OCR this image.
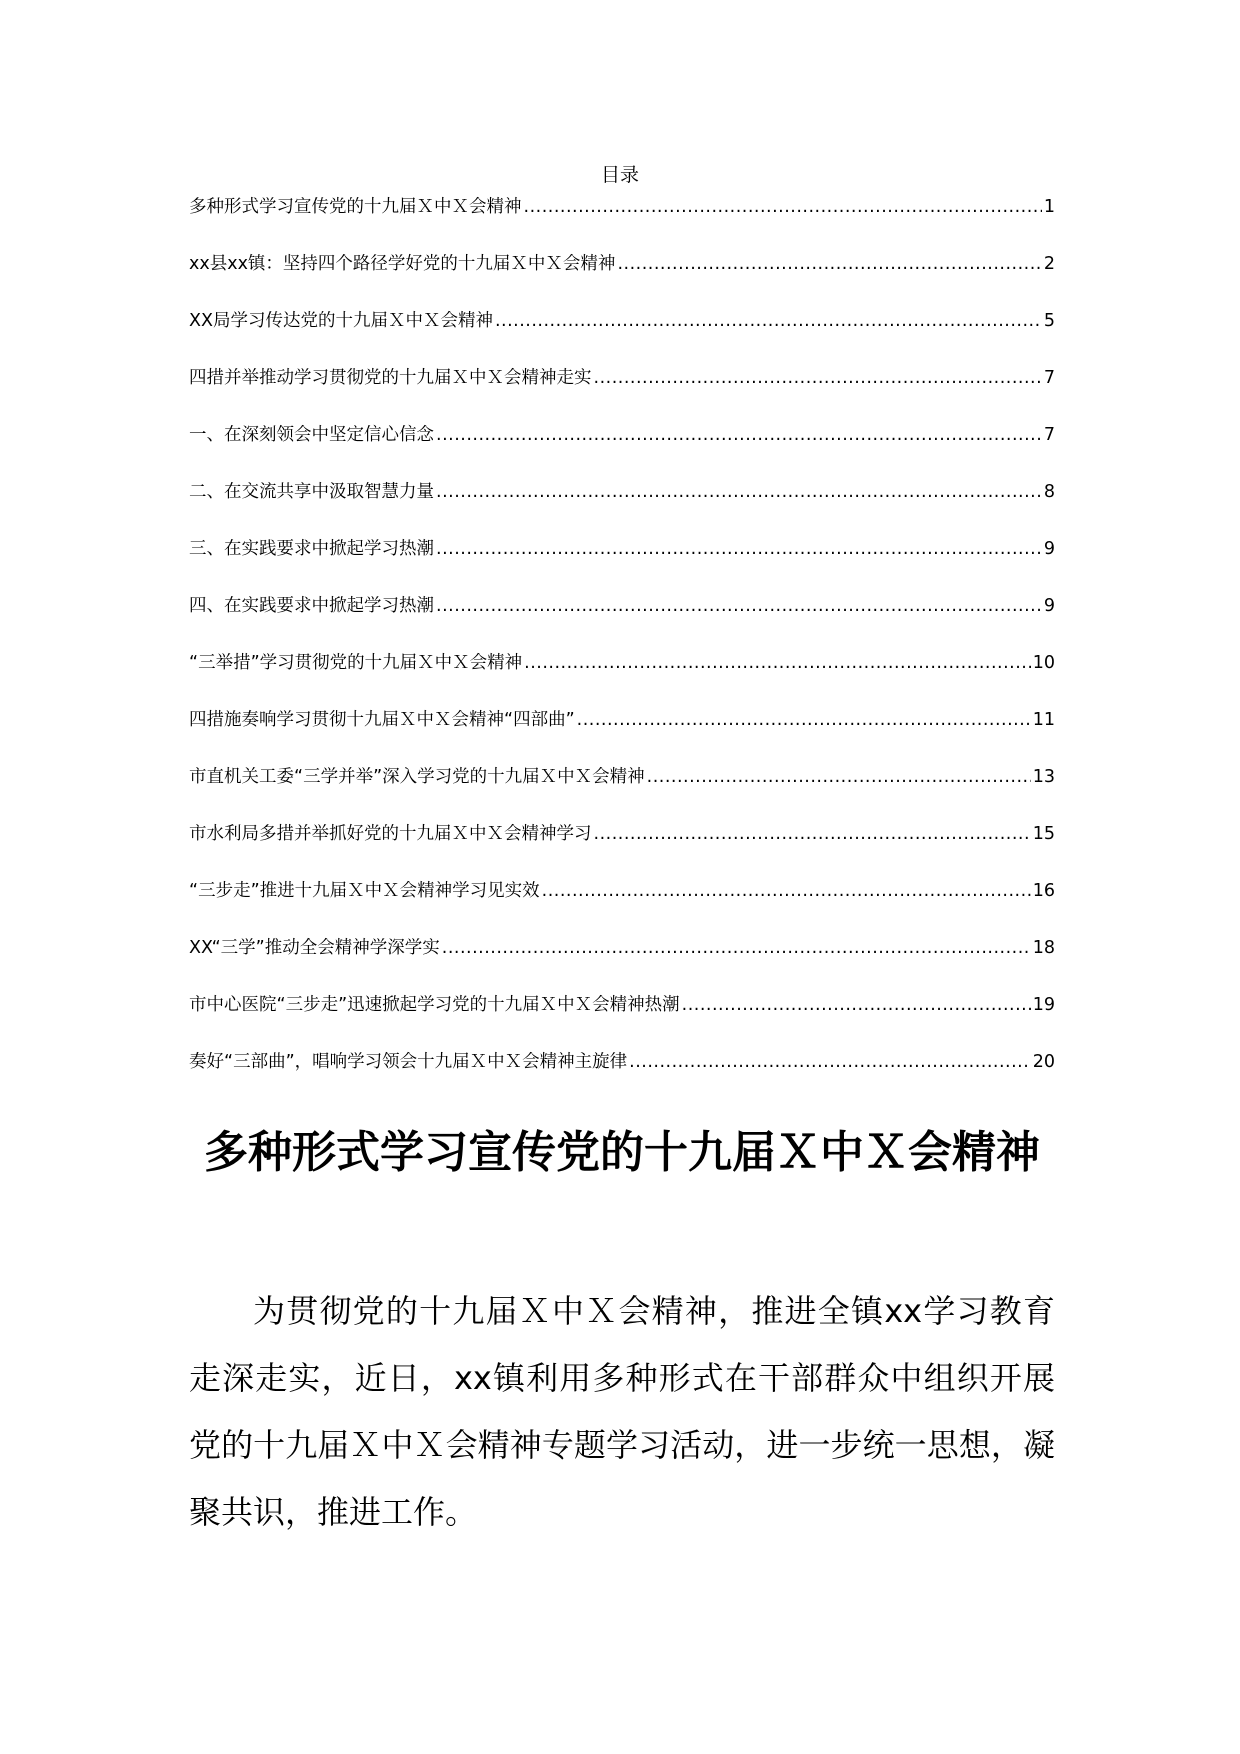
目录
多种形式学习宣传党的十九届Ｘ中Ｘ会精神 .....	1
xx县xx镇：坚持四个路径学好党的十九届Ｘ中Ｘ会精神 .....	2
XX局学习传达党的十九届Ｘ中Ｘ会精神 .....	5
四措并举推动学习贯彻党的十九届Ｘ中Ｘ会精神走实 .....	7
一、在深刻领会中坚定信心信念 .....	7
二、在交流共享中汲取智慧力量 .....	8
三、在实践要求中掀起学习热潮 .....	9
四、在实践要求中掀起学习热潮 .....	9
“三举措”学习贯彻党的十九届Ｘ中Ｘ会精神 .....	10
四措施奏响学习贯彻十九届Ｘ中Ｘ会精神“四部曲” .....	11
市直机关工委“三学并举”深入学习党的十九届Ｘ中Ｘ会精神 .....	13
市水利局多措并举抓好党的十九届Ｘ中Ｘ会精神学习 .....	15
“三步走”推进十九届Ｘ中Ｘ会精神学习见实效 .....	16
XX“三学”推动全会精神学深学实 .....	18
市中心医院“三步走”迅速掀起学习党的十九届Ｘ中Ｘ会精神热潮 .....	19
奏好“三部曲”，唱响学习领会十九届Ｘ中Ｘ会精神主旋律 .....	20
多种形式学习宣传党的十九届Ｘ中Ｘ会精神

为贯彻党的十九届Ｘ中Ｘ会精神，推进全镇xx学习教育走深走实，近日，xx镇利用多种形式在干部群众中组织开展党的十九届Ｘ中Ｘ会精神专题学习活动，进一步统一思想，凝聚共识，推进工作。
